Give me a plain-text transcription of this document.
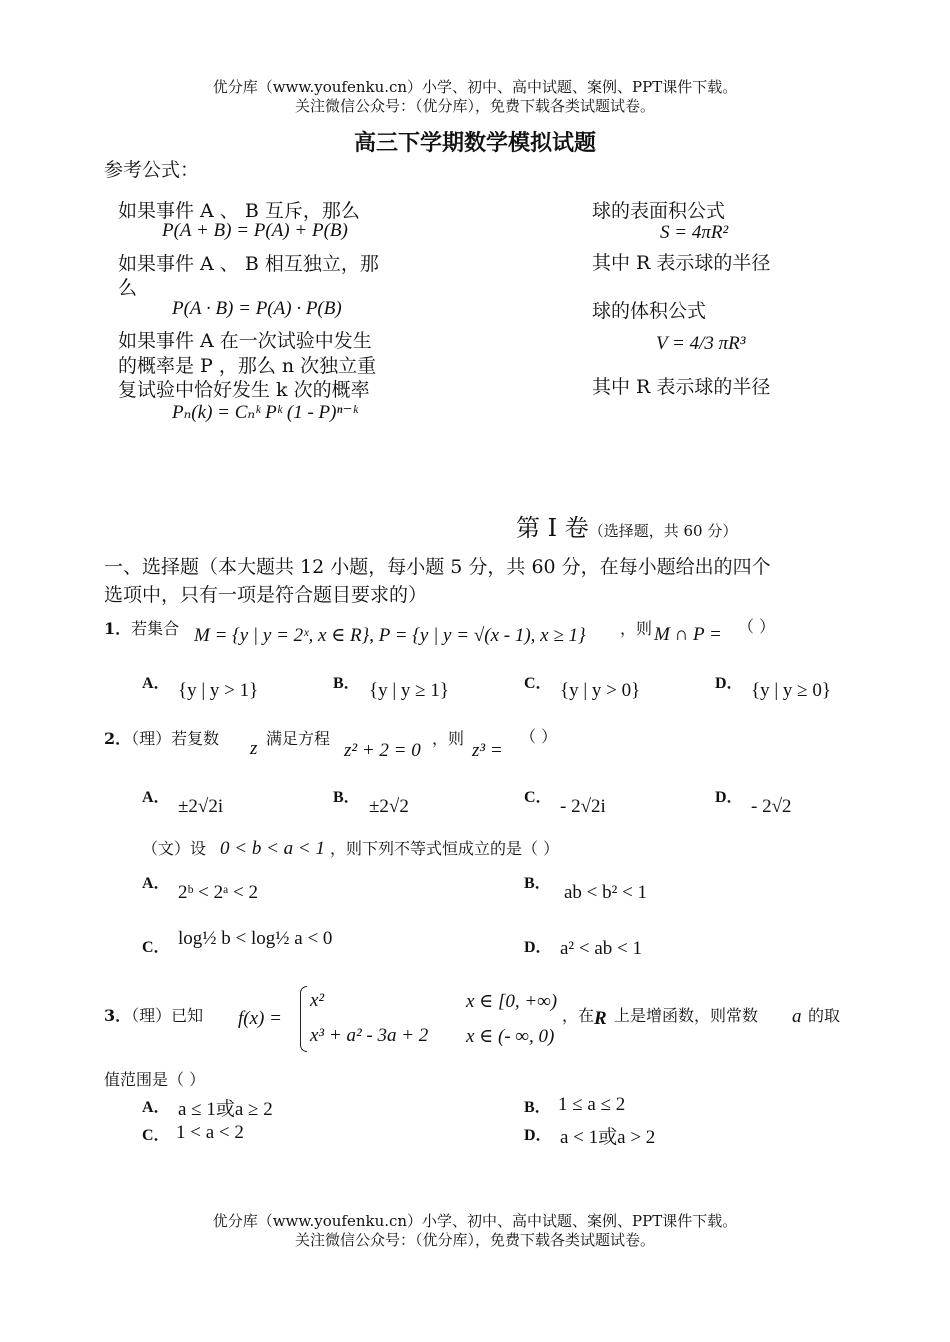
优分库（www.youfenku.cn）小学、初中、高中试题、案例、PPT课件下载。
关注微信公众号：（优分库），免费下载各类试题试卷。
高三下学期数学模拟试题
参考公式：
如果事件 A 、 B 互斥，那么
P(A + B) = P(A) + P(B)
如果事件 A 、 B 相互独立，那
么
P(A · B) = P(A) · P(B)
如果事件 A 在一次试验中发生
的概率是 P ，那么 n 次独立重
复试验中恰好发生 k 次的概率
Pₙ(k) = Cₙᵏ Pᵏ (1 - P)ⁿ⁻ᵏ
球的表面积公式
S = 4πR²
其中 R 表示球的半径
球的体积公式
V = 4/3 πR³
其中 R 表示球的半径
第 I 卷（选择题，共 60 分）
一、选择题（本大题共 12 小题，每小题 5 分，共 60 分，在每小题给出的四个
选项中，只有一项是符合题目要求的）
1．若集合 M = {y | y = 2ˣ, x ∈ R}, P = {y | y = √(x - 1), x ≥ 1} ，则 M ∩ P = （ ）
A． {y | y > 1}	B． {y | y ≥ 1}	C． {y | y > 0}	D． {y | y ≥ 0}
2．（理）若复数 z 满足方程
z² + 2 = 0
，则
z³ =
（ ）
A． ±2√2i	B． ±2√2	C． - 2√2i	D． - 2√2
（文）设 0 < b < a < 1 ，则下列不等式恒成立的是（ ）
A． 2ᵇ < 2ᵃ < 2	B． ab < b² < 1
C． log½ b < log½ a < 0	D． a² < ab < 1
3．（理）已知 f(x) =
x²	x ∈ [0, +∞)
x³ + a² - 3a + 2 x ∈ (- ∞, 0)
，在 R 上是增函数，则常数 a 的取
值范围是（ ）
A． a ≤ 1或a ≥ 2	B． 1 ≤ a ≤ 2
C． 1 < a < 2	D． a < 1或a > 2
优分库（www.youfenku.cn）小学、初中、高中试题、案例、PPT课件下载。
关注微信公众号：（优分库），免费下载各类试题试卷。
